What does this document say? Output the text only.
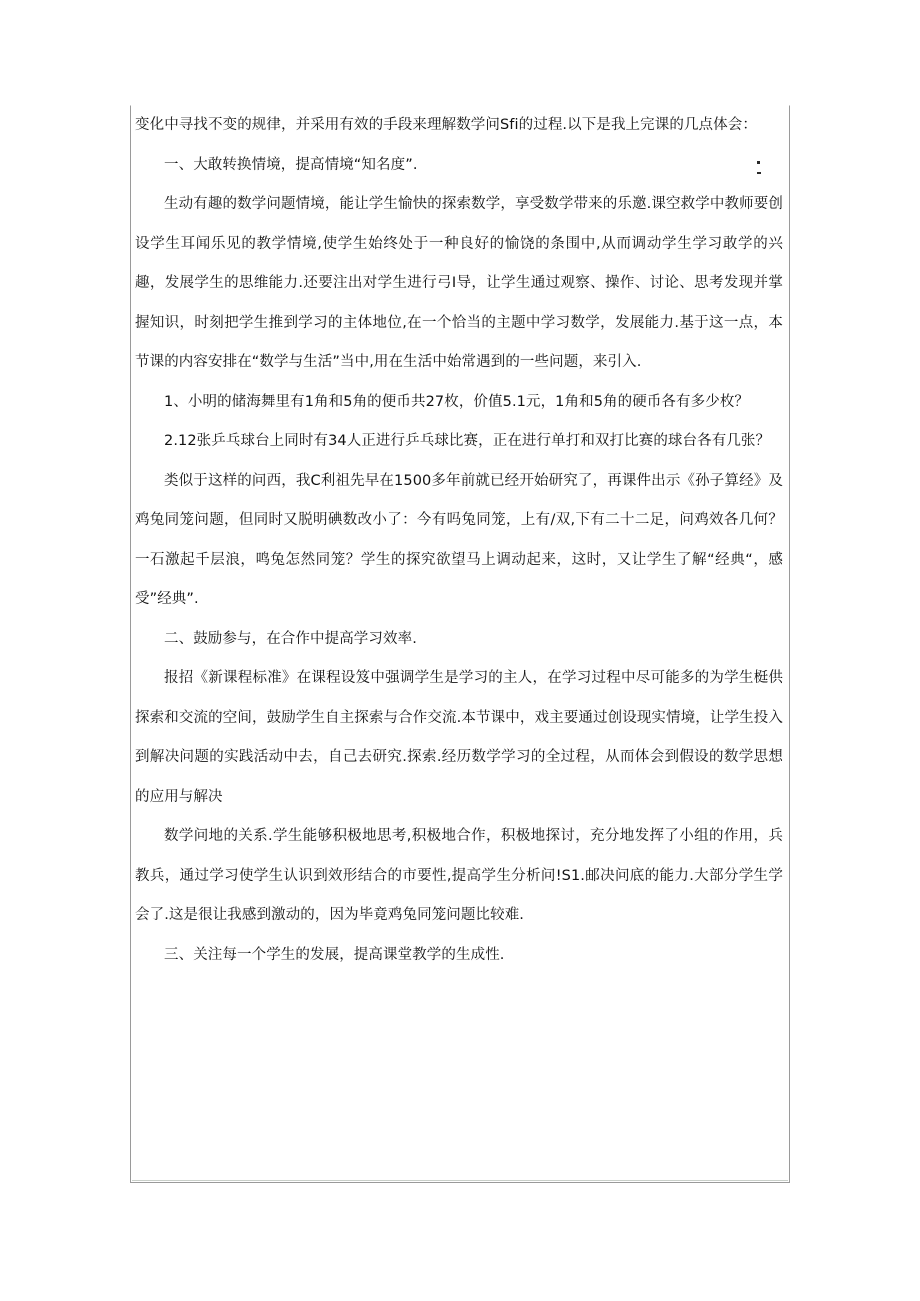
变化中寻找不变的规律，并采用有效的手段来理解数学问Sfi的过程.以下是我上完课的几点体会：

一、大敢转换情境，提高情境“知名度”.

生动有趣的数学问题情境，能让学生愉快的探索数学，享受数学带来的乐邀.课空救学中教师要创设学生耳闻乐见的教学情境,使学生始终处于一种良好的愉饶的条围中,从而调动学生学习敢学的兴趣，发展学生的思维能力.还要注出对学生进行弓I导，让学生通过观察、操作、讨论、思考发现并掌握知识，时刻把学生推到学习的主体地位,在一个恰当的主题中学习数学，发展能力.基于这一点，本节课的内容安排在“数学与生活”当中,用在生活中始常遇到的一些问题，来引入.

1、小明的储海舞里有1角和5角的便币共27枚，价值5.1元，1角和5角的硬币各有多少枚？

2.12张乒乓球台上同时有34人正进行乒乓球比赛，正在进行单打和双打比赛的球台各有几张？

类似于这样的问西，我C利祖先早在1500多年前就已经开始研究了，再课件出示《孙子算经》及鸡兔同笼问题，但同时又脱明碘数改小了：今有吗兔同笼，上有/双,下有二十二足，问鸡效各几何？一石激起千层浪，鸣兔怎然同笼？学生的探究欲望马上调动起来，这时，又让学生了解“经典“，感受”经典”.

二、鼓励参与，在合作中提高学习效率.

报招《新课程标准》在课程设笈中强调学生是学习的主人，在学习过程中尽可能多的为学生梃供探索和交流的空间，鼓励学生自主探索与合作交流.本节课中，戏主要通过创设现实情境，让学生投入到解决问题的实践活动中去，自己去研究.探索.经历数学学习的全过程，从而体会到假设的数学思想的应用与解决

数学问地的关系.学生能够积极地思考,积极地合作，积极地探讨，充分地发挥了小组的作用，兵教兵，通过学习使学生认识到效形结合的市要性,提高学生分析问!S1.邮决问底的能力.大部分学生学会了.这是很让我感到激动的，因为毕竟鸡兔同笼问题比较难.

三、关注每一个学生的发展，提高课堂教学的生成性.
